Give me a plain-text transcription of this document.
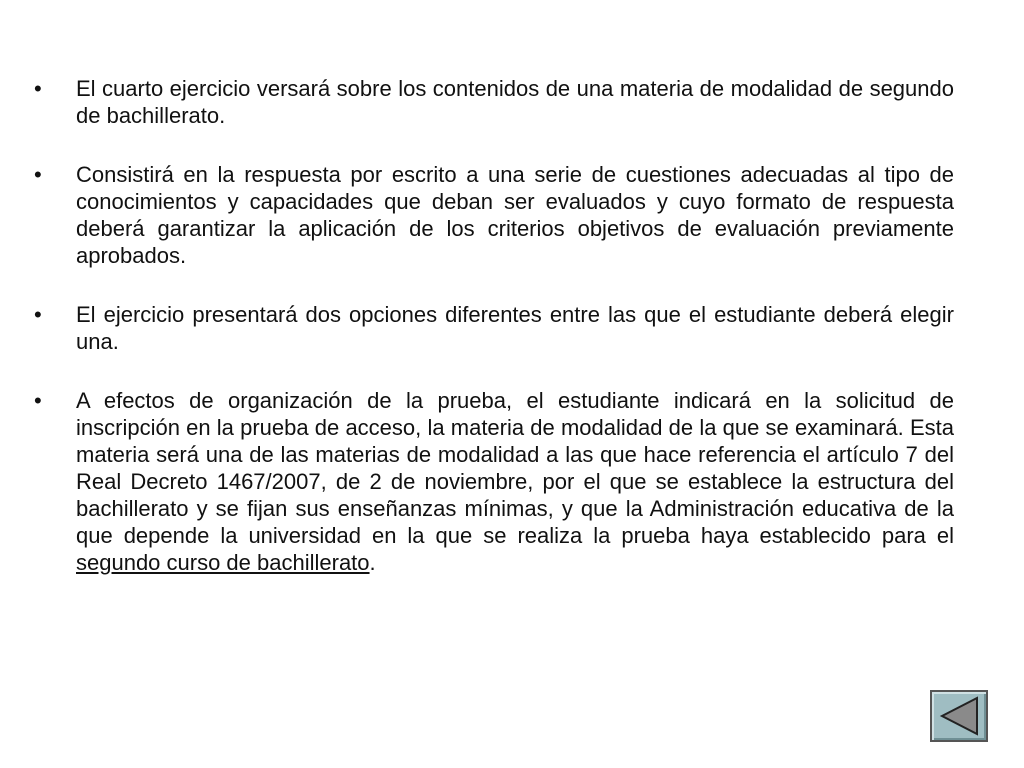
•	El cuarto ejercicio versará sobre los contenidos de una materia de modalidad de segundo de bachillerato.
•	Consistirá en la respuesta por escrito a una serie de cuestiones adecuadas al tipo de conocimientos y capacidades que deban ser evaluados y cuyo formato de respuesta deberá garantizar la aplicación de los criterios objetivos de evaluación previamente aprobados.
•	El ejercicio presentará dos opciones diferentes entre las que el estudiante deberá elegir una.
•	A efectos de organización de la prueba, el estudiante indicará en la solicitud de inscripción en la prueba de acceso, la materia de modalidad de la que se examinará. Esta materia será una de las materias de modalidad a las que hace referencia el artículo 7 del Real Decreto 1467/2007, de 2 de noviembre, por el que se establece la estructura del bachillerato y se fijan sus enseñanzas mínimas, y que la Administración educativa de la que depende la universidad en la que se realiza la prueba haya establecido para el segundo curso de bachillerato.
